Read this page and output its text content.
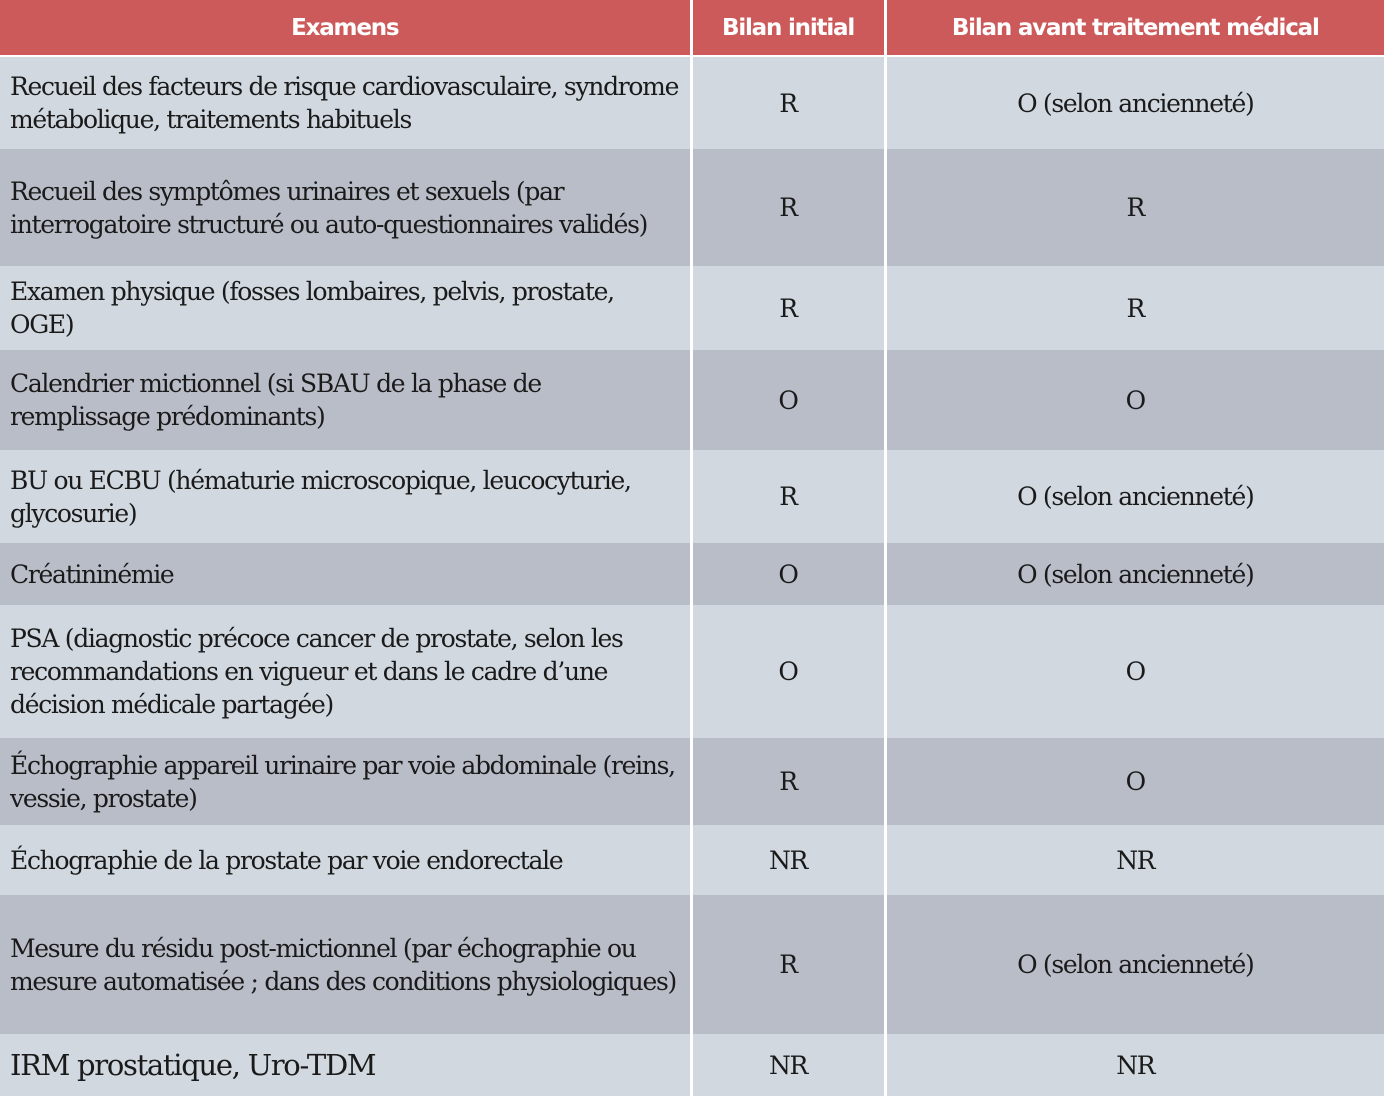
Examens	Bilan initial	Bilan avant traitement médical
Recueil des facteurs de risque cardiovasculaire, syndrome métabolique, traitements habituels	R	O (selon ancienneté)
Recueil des symptômes urinaires et sexuels (par interrogatoire structuré ou auto-questionnaires validés)	R	R
Examen physique (fosses lombaires, pelvis, prostate, OGE)	R	R
Calendrier mictionnel (si SBAU de la phase de remplissage prédominants)	O	O
BU ou ECBU (hématurie microscopique, leucocyturie, glycosurie)	R	O (selon ancienneté)
Créatininémie	O	O (selon ancienneté)
PSA (diagnostic précoce cancer de prostate, selon les recommandations en vigueur et dans le cadre d’une décision médicale partagée)	O	O
Échographie appareil urinaire par voie abdominale (reins, vessie, prostate)	R	O
Échographie de la prostate par voie endorectale	NR	NR
Mesure du résidu post-mictionnel (par échographie ou mesure automatisée ; dans des conditions physiologiques)	R	O (selon ancienneté)
IRM prostatique, Uro-TDM	NR	NR
